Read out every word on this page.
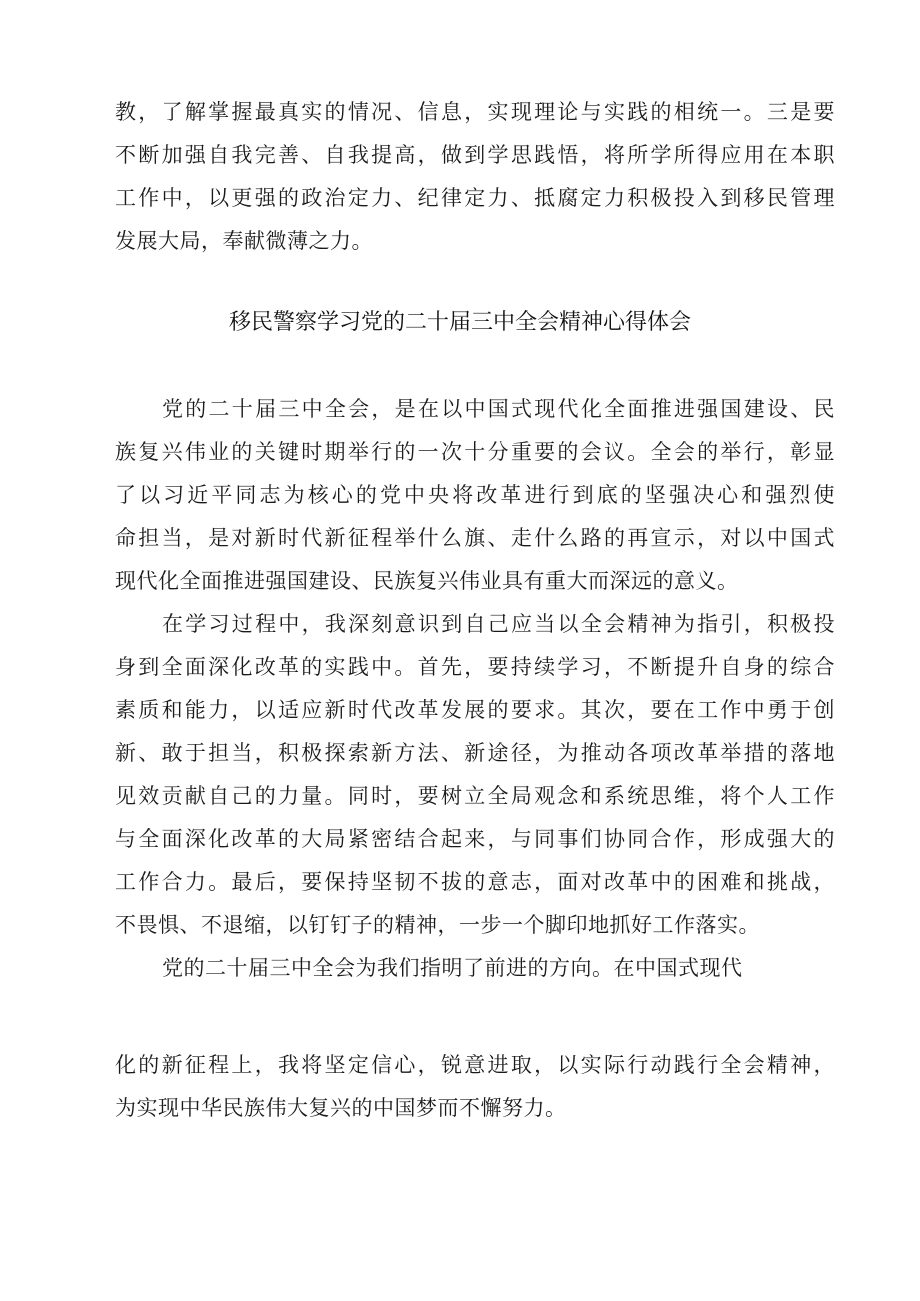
教，了解掌握最真实的情况、信息，实现理论与实践的相统一。三是要
不断加强自我完善、自我提高，做到学思践悟，将所学所得应用在本职
工作中，以更强的政治定力、纪律定力、抵腐定力积极投入到移民管理
发展大局，奉献微薄之力。
移民警察学习党的二十届三中全会精神心得体会
党的二十届三中全会，是在以中国式现代化全面推进强国建设、民
族复兴伟业的关键时期举行的一次十分重要的会议。全会的举行，彰显
了以习近平同志为核心的党中央将改革进行到底的坚强决心和强烈使
命担当，是对新时代新征程举什么旗、走什么路的再宣示，对以中国式
现代化全面推进强国建设、民族复兴伟业具有重大而深远的意义。
在学习过程中，我深刻意识到自己应当以全会精神为指引，积极投
身到全面深化改革的实践中。首先，要持续学习，不断提升自身的综合
素质和能力，以适应新时代改革发展的要求。其次，要在工作中勇于创
新、敢于担当，积极探索新方法、新途径，为推动各项改革举措的落地
见效贡献自己的力量。同时，要树立全局观念和系统思维，将个人工作
与全面深化改革的大局紧密结合起来，与同事们协同合作，形成强大的
工作合力。最后，要保持坚韧不拔的意志，面对改革中的困难和挑战，
不畏惧、不退缩，以钉钉子的精神，一步一个脚印地抓好工作落实。
党的二十届三中全会为我们指明了前进的方向。在中国式现代
化的新征程上，我将坚定信心，锐意进取，以实际行动践行全会精神，
为实现中华民族伟大复兴的中国梦而不懈努力。
